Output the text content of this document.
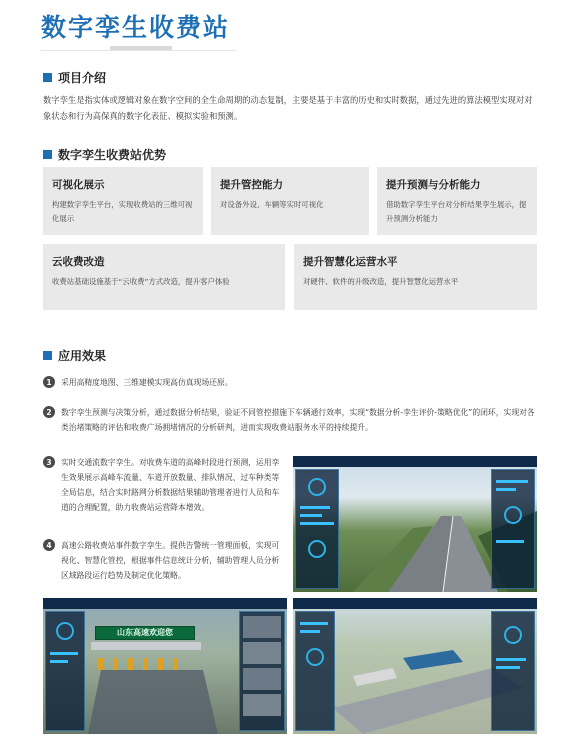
数字孪生收费站
项目介绍
数字孪生是指实体或逻辑对象在数字空间的全生命周期的动态复制，主要是基于丰富的历史和实时数据，通过先进的算法模型实现对对象状态和行为高保真的数字化表征、模拟实验和预测。
数字孪生收费站优势
可视化展示
构建数字孪生平台，实现收费站的三维可视化展示
提升管控能力
对设备外设、车辆等实时可视化
提升预测与分析能力
借助数字孪生平台对分析结果孪生展示，提升预测分析能力
云收费改造
收费站基础设施基于“云收费”方式改造，提升客户体验
提升智慧化运营水平
对硬件、软件的升级改造，提升智慧化运营水平
应用效果
1	采用高精度地图、三维建模实现高仿真现场还原。
2	数字孪生预测与决策分析，通过数据分析结果，验证不同管控措施下车辆通行效率，实现“数据分析-孪生评价-策略优化”的闭环，实现对各类治堵策略的评估和收费广场拥堵情况的分析研判，进而实现收费站服务水平的持续提升。
3	实时交通流数字孪生。对收费车道的高峰时段进行预测，运用孪生效果展示高峰车流量、车道开放数量、排队情况、过车种类等全局信息，结合实时路网分析数据结果辅助管理者进行人员和车道的合理配置，助力收费站运营降本增效。
4	高速公路收费站事件数字孪生。提供告警统一管理面板，实现可视化、智慧化管控，根据事件信息统计分析，辅助管理人员分析区域路段运行趋势及制定优化策略。
山东高速欢迎您
